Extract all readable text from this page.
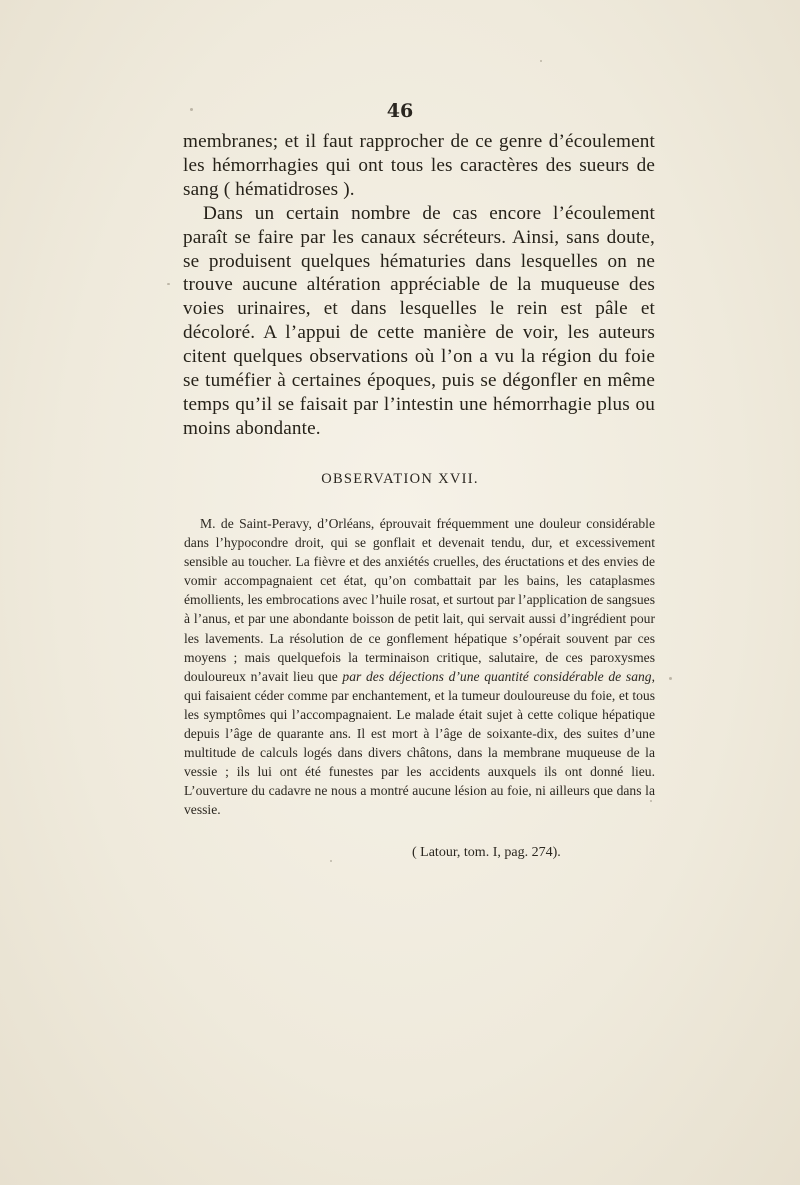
46

membranes; et il faut rapprocher de ce genre d’écoulement les hémorrhagies qui ont tous les caractères des sueurs de sang ( hématidroses ).

Dans un certain nombre de cas encore l’écoulement paraît se faire par les canaux sécréteurs. Ainsi, sans doute, se produisent quelques hématuries dans lesquelles on ne trouve aucune altération appréciable de la muqueuse des voies urinaires, et dans lesquelles le rein est pâle et décoloré. A l’appui de cette manière de voir, les auteurs citent quelques observations où l’on a vu la région du foie se tuméfier à certaines époques, puis se dégonfler en même temps qu’il se faisait par l’intestin une hémorrhagie plus ou moins abondante.

OBSERVATION XVII.

M. de Saint-Peravy, d’Orléans, éprouvait fréquemment une douleur considérable dans l’hypocondre droit, qui se gonflait et devenait tendu, dur, et excessivement sensible au toucher. La fièvre et des anxiétés cruelles, des éructations et des envies de vomir accompagnaient cet état, qu’on combattait par les bains, les cataplasmes émollients, les embrocations avec l’huile rosat, et surtout par l’application de sangsues à l’anus, et par une abondante boisson de petit lait, qui servait aussi d’ingrédient pour les lavements. La résolution de ce gonflement hépatique s’opérait souvent par ces moyens ; mais quelquefois la terminaison critique, salutaire, de ces paroxysmes douloureux n’avait lieu que par des déjections d’une quantité considérable de sang, qui faisaient céder comme par enchantement, et la tumeur douloureuse du foie, et tous les symptômes qui l’accompagnaient. Le malade était sujet à cette colique hépatique depuis l’âge de quarante ans. Il est mort à l’âge de soixante-dix, des suites d’une multitude de calculs logés dans divers châtons, dans la membrane muqueuse de la vessie ; ils lui ont été funestes par les accidents auxquels ils ont donné lieu. L’ouverture du cadavre ne nous a montré aucune lésion au foie, ni ailleurs que dans la vessie.

( Latour, tom. I, pag. 274).
